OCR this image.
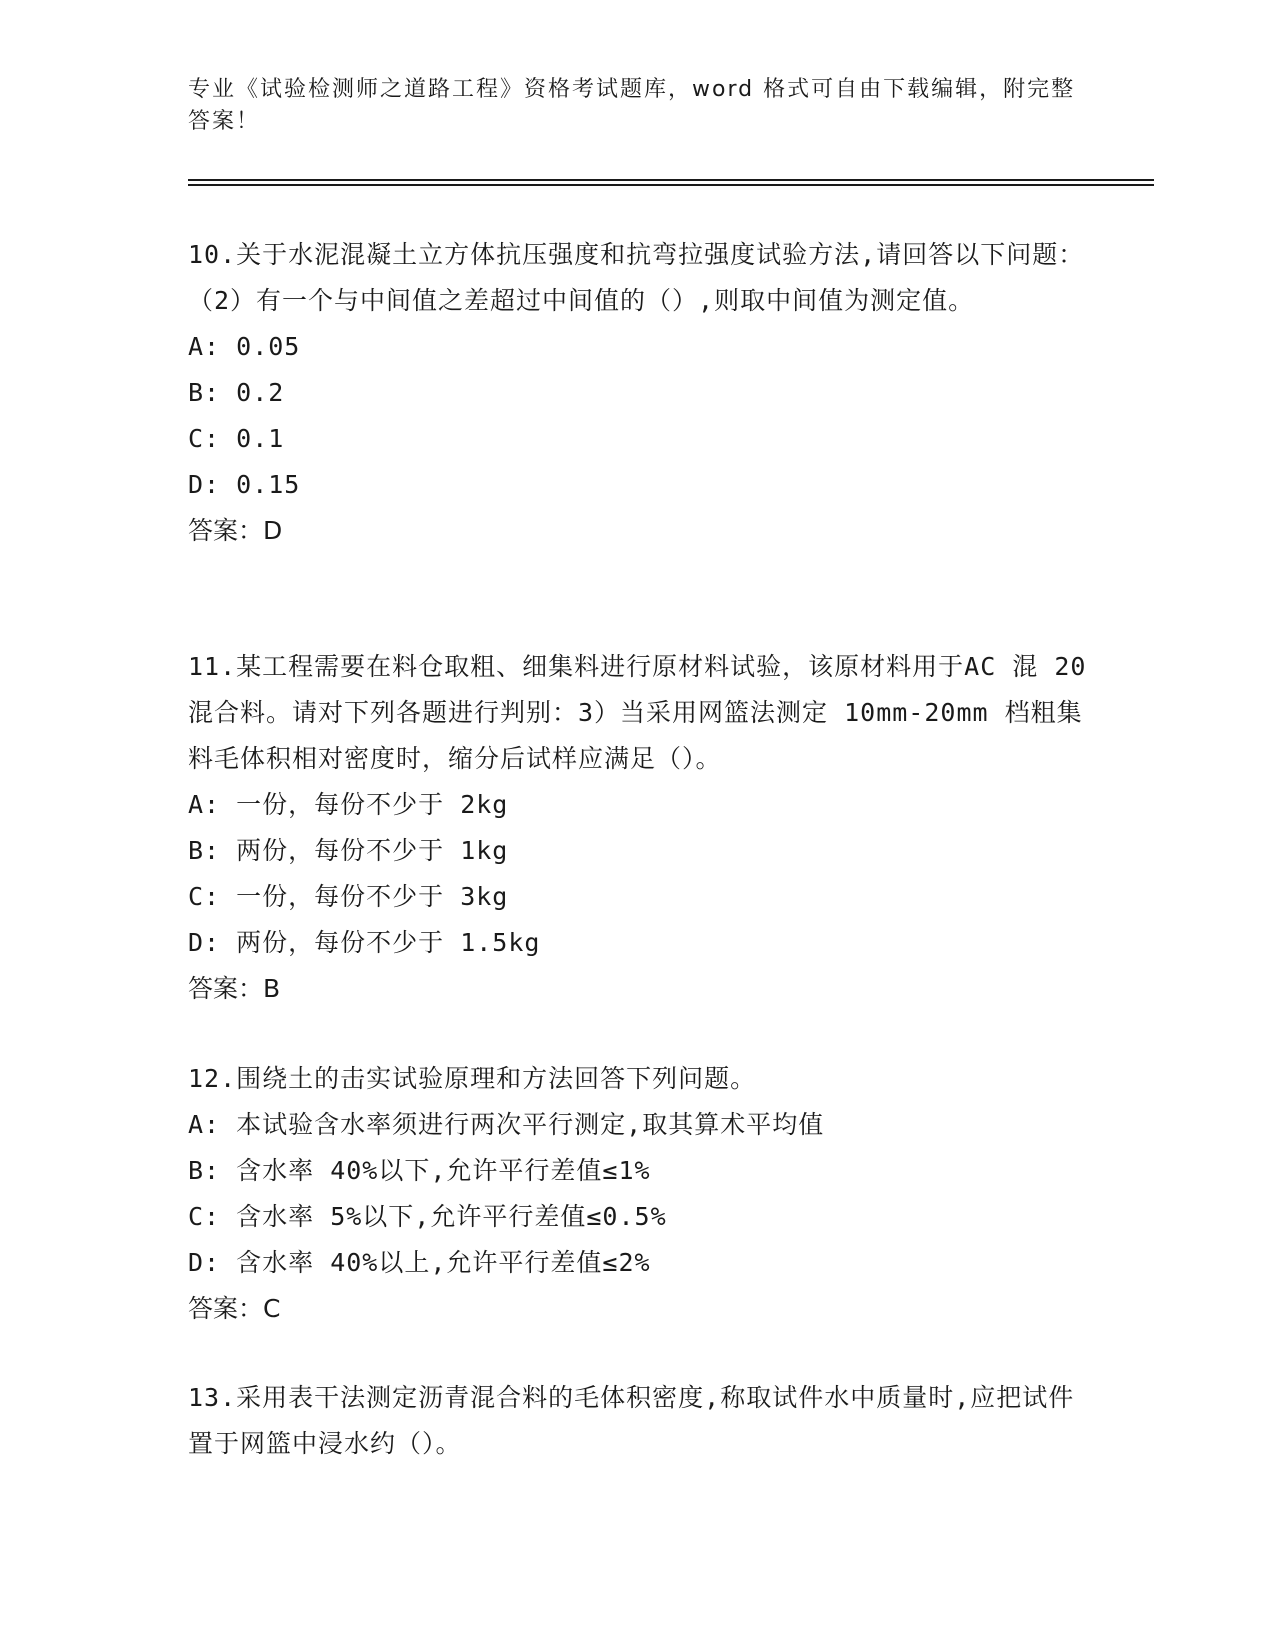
专业《试验检测师之道路工程》资格考试题库，word 格式可自由下载编辑，附完整答案！

10.关于水泥混凝土立方体抗压强度和抗弯拉强度试验方法,请回答以下问题：（2）有一个与中间值之差超过中间值的（）,则取中间值为测定值。

A: 0.05

B: 0.2

C: 0.1

D: 0.15

答案：D

11.某工程需要在料仓取粗、细集料进行原材料试验，该原材料用于AC 混 20 混合料。请对下列各题进行判别：3）当采用网篮法测定 10mm-20mm 档粗集料毛体积相对密度时，缩分后试样应满足（）。

A: 一份，每份不少于 2kg

B: 两份，每份不少于 1kg

C: 一份，每份不少于 3kg

D: 两份，每份不少于 1.5kg

答案：B

12.围绕土的击实试验原理和方法回答下列问题。

A: 本试验含水率须进行两次平行测定,取其算术平均值

B: 含水率 40%以下,允许平行差值≤1%

C: 含水率 5%以下,允许平行差值≤0.5%

D: 含水率 40%以上,允许平行差值≤2%

答案：C

13.采用表干法测定沥青混合料的毛体积密度,称取试件水中质量时,应把试件置于网篮中浸水约（）。
